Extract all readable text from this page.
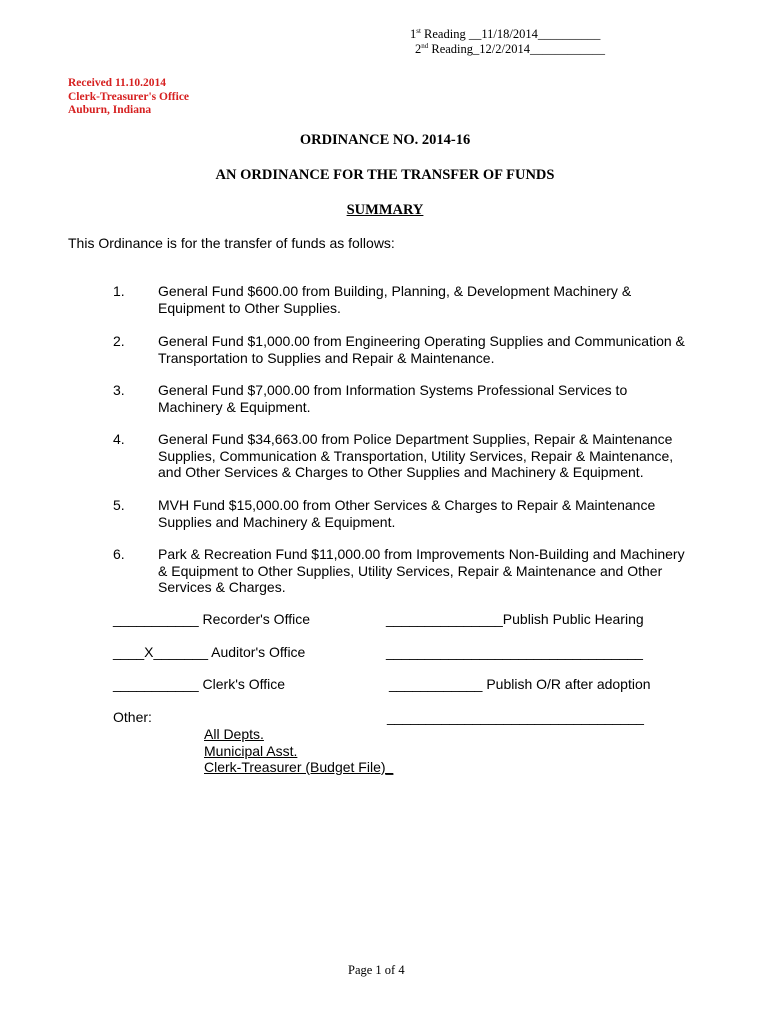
1st Reading __11/18/2014__________
2nd Reading_12/2/2014____________
Received 11.10.2014
Clerk-Treasurer's Office
Auburn, Indiana
ORDINANCE NO. 2014-16
AN ORDINANCE FOR THE TRANSFER OF FUNDS
SUMMARY
This Ordinance is for the transfer of funds as follows:
1. General Fund $600.00 from Building, Planning, & Development Machinery & Equipment to Other Supplies.
2. General Fund $1,000.00 from Engineering Operating Supplies and Communication & Transportation to Supplies and Repair & Maintenance.
3. General Fund $7,000.00 from Information Systems Professional Services to Machinery & Equipment.
4. General Fund $34,663.00 from Police Department Supplies, Repair & Maintenance Supplies, Communication & Transportation, Utility Services, Repair & Maintenance, and Other Services & Charges to Other Supplies and Machinery & Equipment.
5. MVH Fund $15,000.00 from Other Services & Charges to Repair & Maintenance Supplies and Machinery & Equipment.
6. Park & Recreation Fund $11,000.00 from Improvements Non-Building and Machinery & Equipment to Other Supplies, Utility Services, Repair & Maintenance and Other Services & Charges.
___________ Recorder's Office	_______________Publish Public Hearing
____X_______ Auditor's Office	_________________________________
___________ Clerk's Office	____________ Publish O/R after adoption
Other:	_________________________________
All Depts.
Municipal Asst.
Clerk-Treasurer (Budget File)_
Page 1 of 4
